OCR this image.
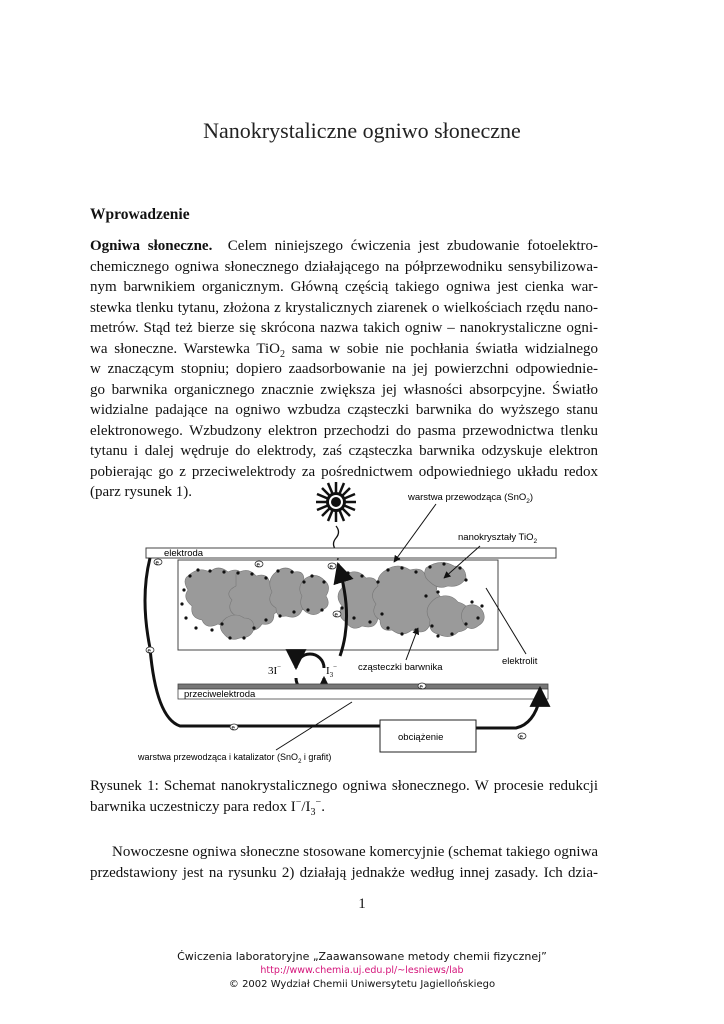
Nanokrystaliczne ogniwo słoneczne
Wprowadzenie
Ogniwa słoneczne. Celem niniejszego ćwiczenia jest zbudowanie fotoelektro-
chemicznego ogniwa słonecznego działającego na półprzewodniku sensybilizowa-
nym barwnikiem organicznym. Główną częścią takiego ogniwa jest cienka war-
stewka tlenku tytanu, złożona z krystalicznych ziarenek o wielkościach rzędu nano-
metrów. Stąd też bierze się skrócona nazwa takich ogniw – nanokrystaliczne ogni-
wa słoneczne. Warstewka TiO$_2$ sama w sobie nie pochłania światła widzialnego
w znaczącym stopniu; dopiero zaadsorbowanie na jej powierzchni odpowiednie-
go barwnika organicznego znacznie zwiększa jej własności absorpcyjne. Światło
widzialne padające na ogniwo wzbudza cząsteczki barwnika do wyższego stanu
elektronowego. Wzbudzony elektron przechodzi do pasma przewodnictwa tlenku
tytanu i dalej wędruje do elektrody, zaś cząsteczka barwnika odzyskuje elektron
pobierając go z przeciwelektrody za pośrednictwem odpowiedniego układu redox
(parz rysunek 1).
elektroda
e	e	e
e
3I−	$I_3^-$
przeciwelektroda
e
e
e
e
obciążenie
warstwa przewodząca (SnO$_2$)
nanokryształy TiO$_2$
elektrolit
cząsteczki barwnika
warstwa przewodząca i katalizator (SnO$_2$ i grafit)
Rysunek 1: Schemat nanokrystalicznego ogniwa słonecznego. W procesie redukcji
barwnika uczestniczy para redox $I^-/I_3^-$.
Nowoczesne ogniwa słoneczne stosowane komercyjnie (schemat takiego ogniwa
przedstawiony jest na rysunku 2) działają jednakże według innej zasady. Ich dzia-
1
Ćwiczenia laboratoryjne „Zaawansowane metody chemii fizycznej”
http://www.chemia.uj.edu.pl/~lesniews/lab
© 2002 Wydział Chemii Uniwersytetu Jagiellońskiego
